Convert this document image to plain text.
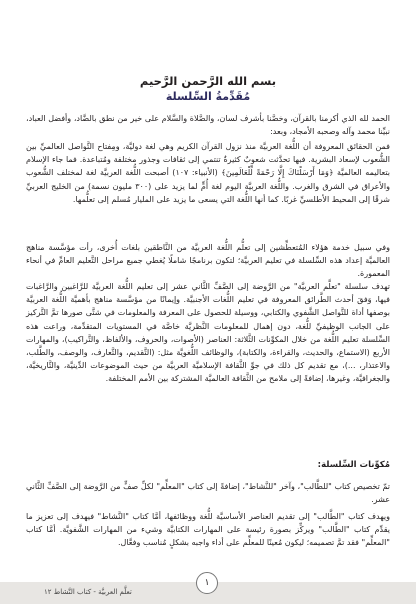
بسم الله الرَّحمن الرَّحيم
مُقَدِّمةُ السِّلسلة

الحمد لله الذي أكرمنا بالقرآن، وخصَّنا بأشرف لسان، والصَّلاة والسَّلام على خير من نطق بالضَّاد، وأفضل العباد، نبيِّنا محمد وآله وصحبه الأمجاد، وبعد:

فمن الحقائق المعروفة أن اللُّغة العربيَّة منذ نزول القرآن الكريم وهي لغة دوليَّة، ومِفتاح التَّواصل العالميِّ بين الشُّعوب لإسعاد البشرية. فبها تحدَّثت شعوبٌ كثيرةٌ تنتمي إلى ثقافات وجذور مختلفة ومُتباعدة. فما جاء الإسلام بتعاليمه العالميَّة ﴿وَمَا أَرْسَلْنَاكَ إِلَّا رَحْمَةً لِّلْعَالَمِينَ﴾ (الأنبياء: ١٠٧) أصبحت اللُّغة العربيَّة لغة لمختلف الشُّعوب والأعراق في الشرق والغرب. واللُّغة العربيَّة اليوم لغة أُمٍّ لما يزيد على (٣٠٠ مليون نسمة) من الخليج العربيِّ شرقًا إلى المحيط الأطلسيِّ غربًا. كما أنها اللُّغة التي يسعى ما يزيد على المليار مُسلم إلى تعلُّمها.

وفي سبيل خدمة هؤلاء المُتعطِّشين إلى تعلُّم اللُّغة العربيَّة من النَّاطقين بلغات أُخرى، رأت مؤسَّسة مناهج العالميَّة إعداد هذه السِّلسلة في تعليم العربيَّة؛ لتكون برنامجًا شاملًا يُغطي جميع مراحل التَّعليم العامِّ في أنحاء المعمورة.

تهدف سلسلة "تعلَّم العربيَّة" من الرَّوضة إلى الصَّفِّ الثَّاني عشر إلى تعليم اللُّغة العربيَّة للرَّاغبين والرَّاغبات فيها، وَفقَ أحدث الطَّرائق المعروفة في تعليم اللُّغات الأجنبيَّة. وإيمانًا من مؤسَّسة مناهج بأهميَّة اللُّغة العربيَّة بوصفها أداة للتَّواصل الشَّفوي والكتابي، ووسيلة للحصول على المعرفة والمعلومات في شتَّى صورها تمَّ التَّركيز على الجانب الوظيفيِّ للُّغة، دون إهمال للمعلومات النَّظريَّة خاصَّة في المستويات المتقدِّمة، وراعت هذه السِّلسلة تعليم اللُّغة من خلال المكوِّنات الثَّلاثة: العناصر (الأصوات، والحروف، والألفاظ، والتَّراكيب)، والمهارات الأربع (الاستماع، والحديث، والقراءة، والكتابة)، والوظائف اللُّغويَّة مثل: (التَّقديم، والتَّعارف، والوصف، والطَّلب، والاعتذار، ...)، مع تقديم كل ذلك في جوِّ الثَّقافة الإسلاميَّة العربيَّة من حيث الموضوعات الدِّينيَّة، والتَّاريخيَّة، والجغرافيَّة، وغيرها، إضافةً إلى ملامح من الثَّقافة العالميَّة المشتركة بين الأمم المختلفة.

مُكوِّنات السِّلسلة:

تمّ تخصيص كتاب "للطَّالب"، وآخر "للنَّشاط"، إضافةً إلى كتاب "المعلِّم" لكلِّ صفٍّ من الرَّوضة إلى الصَّفِّ الثَّاني عشر.

ويهدف كتاب "الطَّالب" إلى تقديم العناصر الأساسيَّة للُّغة ووظائفها، أمَّا كتاب "النَّشاط" فيهدف إلى تعزيز ما يقدِّم كتاب "الطَّالب" ويركِّز بصورة رئيسة على المهارات الكتابيَّة وشيء من المهارات الشَّفويَّة. أمَّا كتاب "المعلِّم" فقد تمَّ تصميمه؛ ليكون مُعينًا للمعلِّم على أداء واجبه بشكلٍ مُناسب وفعَّال.

تعلَّم العربيَّة - كتاب النَّشاط ١٢
١
